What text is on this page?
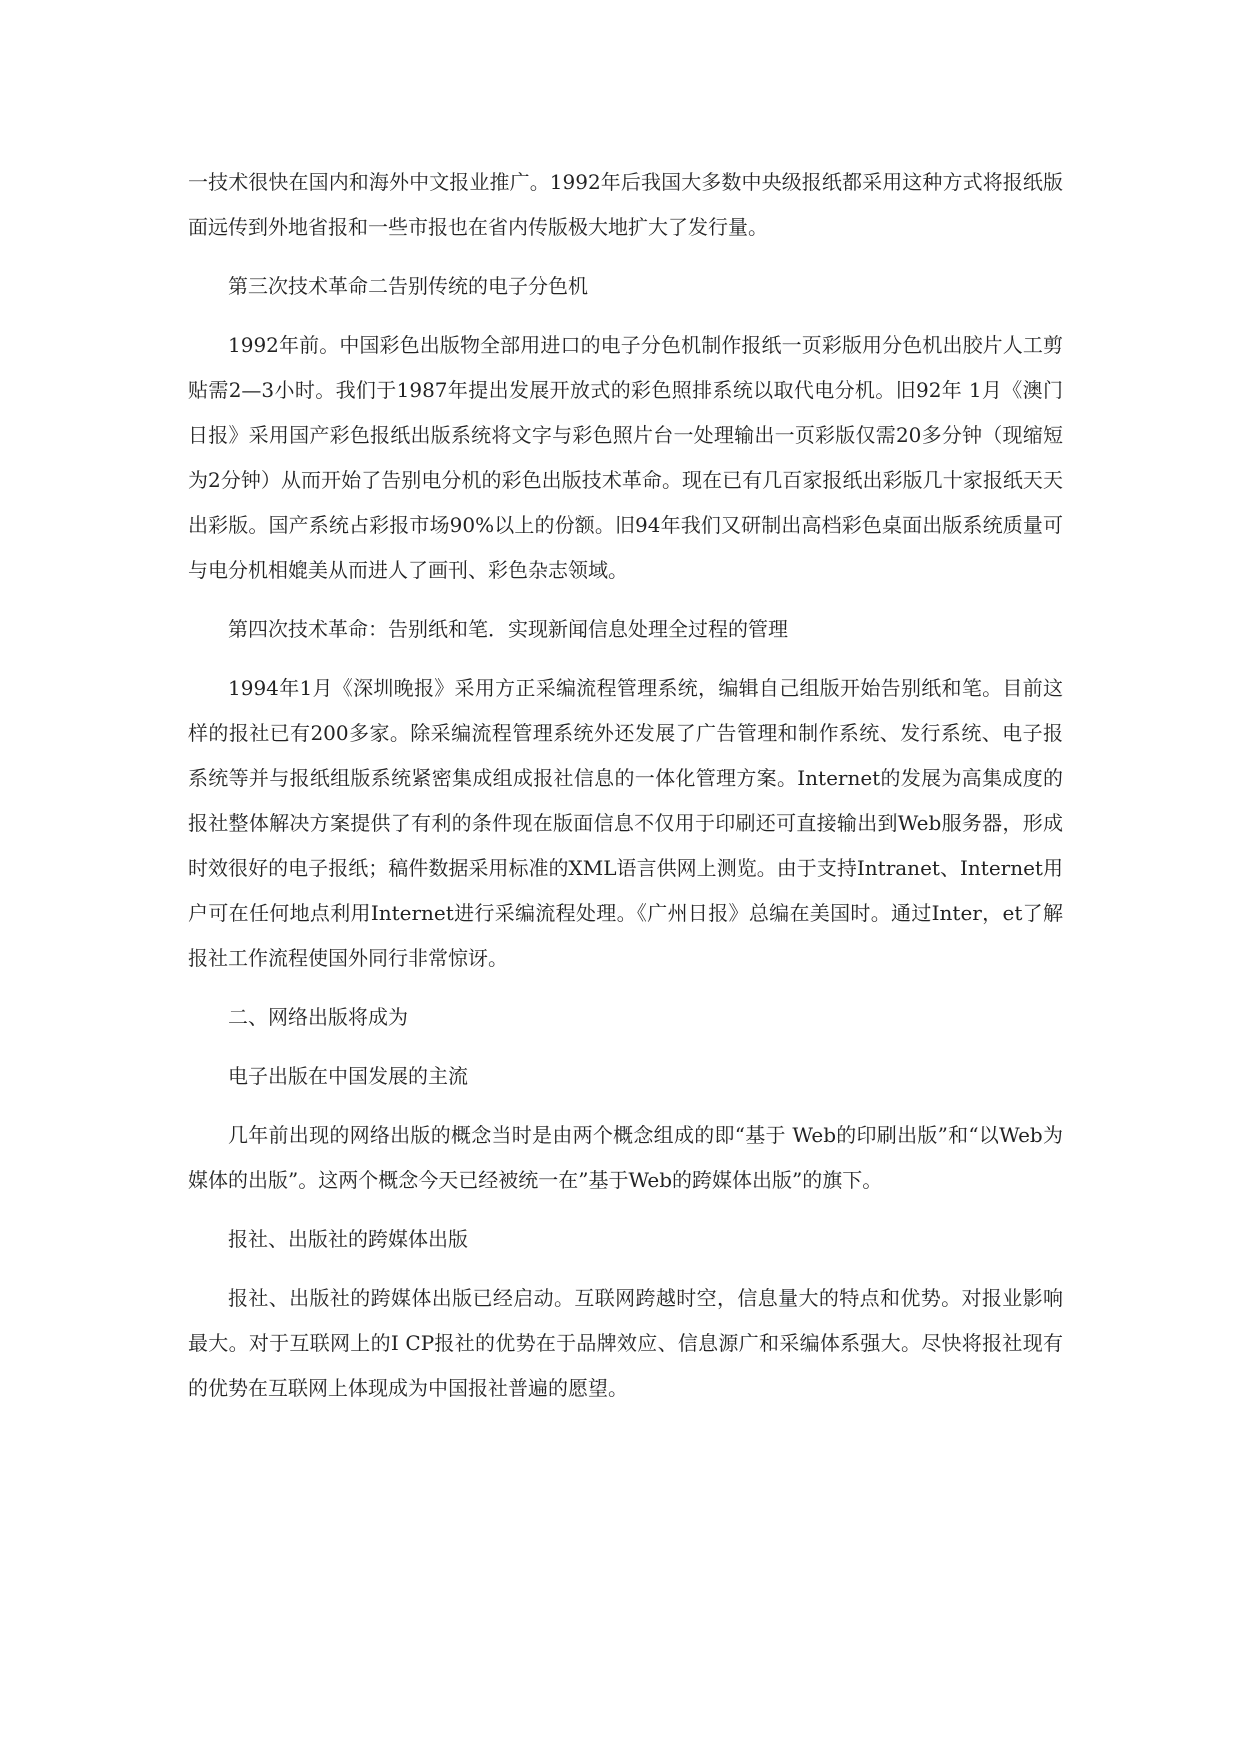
一技术很快在国内和海外中文报业推广。1992年后我国大多数中央级报纸都采用这种方式将报纸版面远传到外地省报和一些市报也在省内传版极大地扩大了发行量。

第三次技术革命二告别传统的电子分色机

1992年前。中国彩色出版物全部用进口的电子分色机制作报纸一页彩版用分色机出胶片人工剪贴需2—3小时。我们于1987年提出发展开放式的彩色照排系统以取代电分机。旧92年 1月《澳门日报》采用国产彩色报纸出版系统将文字与彩色照片台一处理输出一页彩版仅需20多分钟（现缩短为2分钟）从而开始了告别电分机的彩色出版技术革命。现在已有几百家报纸出彩版几十家报纸天天出彩版。国产系统占彩报市场90%以上的份额。旧94年我们又研制出高档彩色桌面出版系统质量可与电分机相媲美从而进人了画刊、彩色杂志领域。

第四次技术革命：告别纸和笔．实现新闻信息处理全过程的管理

1994年1月《深圳晚报》采用方正采编流程管理系统，编辑自己组版开始告别纸和笔。目前这样的报社已有200多家。除采编流程管理系统外还发展了广告管理和制作系统、发行系统、电子报系统等并与报纸组版系统紧密集成组成报社信息的一体化管理方案。Internet的发展为高集成度的报社整体解决方案提供了有利的条件现在版面信息不仅用于印刷还可直接输出到Web服务器，形成时效很好的电子报纸；稿件数据采用标准的XML语言供网上测览。由于支持Intranet、Internet用户可在任何地点利用Internet进行采编流程处理。《广州日报》总编在美国时。通过Inter，et了解报社工作流程使国外同行非常惊讶。

二、网络出版将成为

电子出版在中国发展的主流

几年前出现的网络出版的概念当时是由两个概念组成的即“基于 Web的印刷出版”和“以Web为媒体的出版”。这两个概念今天已经被统一在”基于Web的跨媒体出版”的旗下。

报社、出版社的跨媒体出版

报社、出版社的跨媒体出版已经启动。互联网跨越时空，信息量大的特点和优势。对报业影响最大。对于互联网上的I CP报社的优势在于品牌效应、信息源广和采编体系强大。尽快将报社现有的优势在互联网上体现成为中国报社普遍的愿望。
